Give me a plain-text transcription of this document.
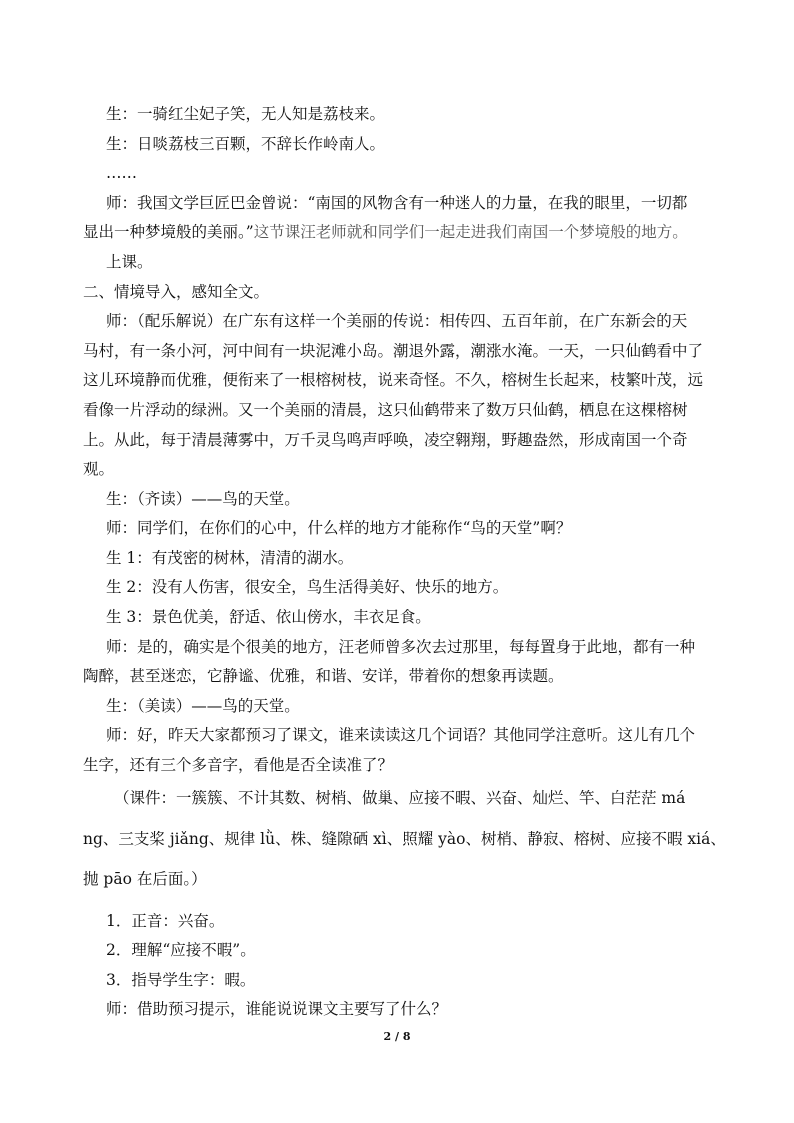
生：一骑红尘妃子笑，无人知是荔枝来。
生：日啖荔枝三百颗，不辞长作岭南人。
……
师：我国文学巨匠巴金曾说：“南国的风物含有一种迷人的力量，在我的眼里，一切都
显出一种梦境般的美丽。”这节课汪老师就和同学们一起走进我们南国一个梦境般的地方。
上课。
二、情境导入，感知全文。
师：（配乐解说）在广东有这样一个美丽的传说：相传四、五百年前，在广东新会的天
马村，有一条小河，河中间有一块泥滩小岛。潮退外露，潮涨水淹。一天，一只仙鹤看中了
这儿环境静而优雅，便衔来了一根榕树枝，说来奇怪。不久，榕树生长起来，枝繁叶茂，远
看像一片浮动的绿洲。又一个美丽的清晨，这只仙鹤带来了数万只仙鹤，栖息在这棵榕树
上。从此，每于清晨薄雾中，万千灵鸟鸣声呼唤，凌空翱翔，野趣盎然，形成南国一个奇
观。
生：（齐读）——鸟的天堂。
师：同学们，在你们的心中，什么样的地方才能称作“鸟的天堂”啊？
生 1：有茂密的树林，清清的湖水。
生 2：没有人伤害，很安全，鸟生活得美好、快乐的地方。
生 3：景色优美，舒适、依山傍水，丰衣足食。
师：是的，确实是个很美的地方，汪老师曾多次去过那里，每每置身于此地，都有一种
陶醉，甚至迷恋，它静谧、优雅，和谐、安详，带着你的想象再读题。
生：（美读）——鸟的天堂。
师：好，昨天大家都预习了课文，谁来读读这几个词语？其他同学注意听。这儿有几个
生字，还有三个多音字，看他是否全读准了？
（课件：一簇簇、不计其数、树梢、做巢、应接不暇、兴奋、灿烂、竿、白茫茫 má
ng、三支桨 jiǎng、规律 lǜ、株、缝隙硒 xì、照耀 yào、树梢、静寂、榕树、应接不暇 xiá、
抛 pāo 在后面。）
1．正音：兴奋。
2．理解“应接不暇”。
3．指导学生字：暇。
师：借助预习提示，谁能说说课文主要写了什么？
2 / 8
